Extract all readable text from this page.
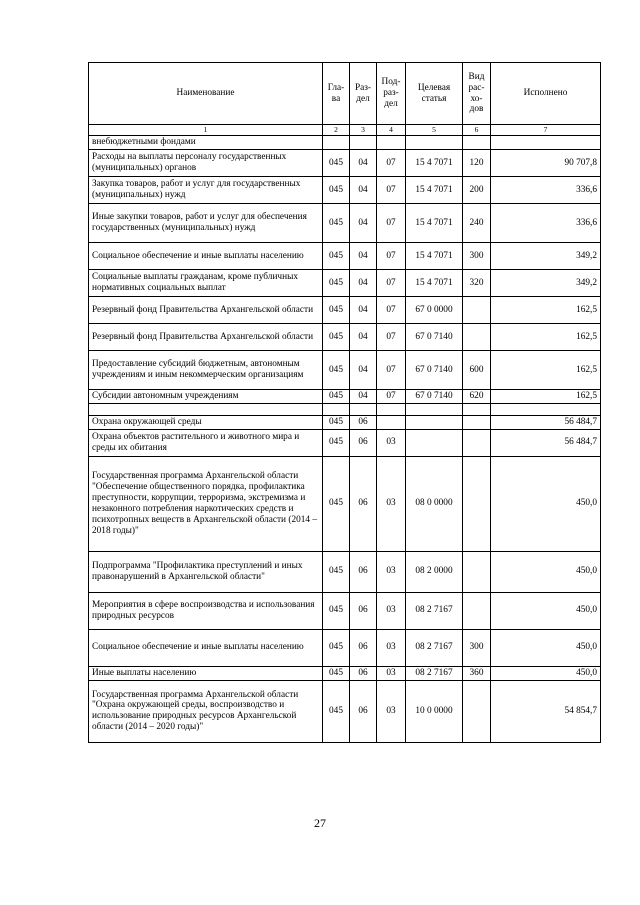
Наименование	Гла-ва	Раз-дел	Под-раз-дел	Целевая статья	Вид рас-хо-дов	Исполнено
1	2	3	4	5	6	7
внебюджетными фондами						
Расходы на выплаты персоналу государственных (муниципальных) органов	045	04	07	15 4 7071	120	90 707,8
Закупка товаров, работ и услуг для государственных (муниципальных) нужд	045	04	07	15 4 7071	200	336,6
Иные закупки товаров, работ и услуг для обеспечения государственных (муниципальных) нужд	045	04	07	15 4 7071	240	336,6
Социальное обеспечение и иные выплаты населению	045	04	07	15 4 7071	300	349,2
Социальные выплаты гражданам, кроме публичных нормативных социальных выплат	045	04	07	15 4 7071	320	349,2
Резервный фонд Правительства Архангельской области	045	04	07	67 0 0000		162,5
Резервный фонд Правительства Архангельской области	045	04	07	67 0 7140		162,5
Предоставление субсидий бюджетным, автономным учреждениям и иным некоммерческим организациям	045	04	07	67 0 7140	600	162,5
Субсидии автономным учреждениям	045	04	07	67 0 7140	620	162,5

Охрана окружающей среды	045	06				56 484,7
Охрана объектов растительного и животного мира и среды их обитания	045	06	03			56 484,7
Государственная программа Архангельской области "Обеспечение общественного порядка, профилактика преступности, коррупции, терроризма, экстремизма и незаконного потребления наркотических средств и психотропных веществ в Архангельской области (2014 – 2018 годы)"	045	06	03	08 0 0000		450,0
Подпрограмма "Профилактика преступлений и иных правонарушений в Архангельской области"	045	06	03	08 2 0000		450,0
Мероприятия в сфере воспроизводства и использования природных ресурсов	045	06	03	08 2 7167		450,0
Социальное обеспечение и иные выплаты населению	045	06	03	08 2 7167	300	450,0
Иные выплаты населению	045	06	03	08 2 7167	360	450,0
Государственная программа Архангельской области "Охрана окружающей среды, воспроизводство и использование природных ресурсов Архангельской области (2014 – 2020 годы)"	045	06	03	10 0 0000		54 854,7
27
